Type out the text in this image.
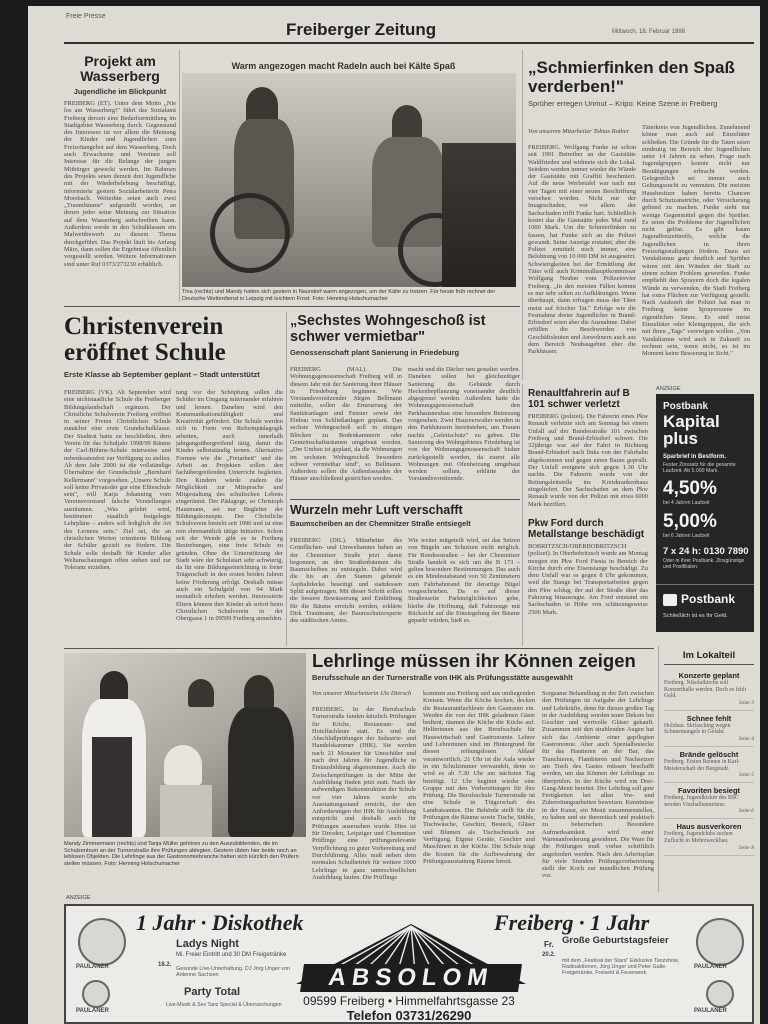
Freie Presse
Freiberger Zeitung	Mittwoch, 18. Februar 1998
Projekt am Wasserberg
Jugendliche im Blickpunkt
FREIBERG (ET). Unter dem Motto „Nie los am Wasserberg!" führt das Sozialamt Freiberg derzeit eine Bedarfsermittlung im Stadtgebiet Wasserberg durch. Gegenstand des Interesses ist vor allem die Meinung der Kinder und Jugendlichen zum Freizeitangebot auf dem Wasserberg. Doch auch Erwachsene und Vereinen soll Interesse für die Belange der jungen Mitbürger geweckt werden. Im Rahmen des Projekts seien derzeit drei Jugendliche mit der Wiederbelebung beschäftigt, informierte gestern Sozialarbeiterin Petra Morsbach. Weiterhin seien auch zwei „Traumbäume" aufgestellt worden, an denen jeder seine Meinung zur Situation auf dem Wasserberg aufschreiben kann. Außerdem werde in den Schulklassen ein Malwettbewerb zu diesem Thema durchgeführt. Das Projekt läuft bis Anfang März, dann sollen die Ergebnisse öffentlich vorgestellt werden. Weitere Informationen sind unter Ruf 0373/273230 erhältlich.
Warm angezogen macht Radeln auch bei Kälte Spaß
Tina (rechts) und Mandy hatten sich gestern in Naundorf warm angezogen, um der Kälte zu trotzen. Für heute früh rechnet der Deutsche Wetterdienst in Leipzig mit leichtem Frost. Foto: Henning Holschumacher
„Schmierfinken den Spaß verderben!"
Sprüher erregen Unmut – Kripo: Keine Szene in Freiberg
Von unserem Mitarbeiter Tobias Rother
FREIBERG. Wolfgang Funke ist schon seit 1991 Betreiber an der Gaststätte Waldfrieden und widmete sich die Lokal. Seitdem werden immer wieder die Wände der Gaststätte mit Graffiti beschmiert. Auf die neue Werbetafel war nach nur vier Tagen mit einer neuen Beschriftung versehen worden. Nicht nur der Imageschaden, vor allem der Sachschaden trifft Funke hart. Schließlich kostet das die Gaststätte jedes Mal rund 1000 Mark. Um die Schmierfinken zu fassen, hat Funke sich an die Polizei gewandt. Seine Anzeige erstattet, aber die Polizei ermittelt noch immer, eine Belohnung von 10 000 DM ist ausgesetzt. Schwierigkeiten bei der Ermittlung der Täter will auch Kriminalhauptkommissar Wolfgang Neuber vom Polizeirevier Freiberg. „In den meisten Fällen kommt es nur sehr selten zu Aufklärungen. Wenn überhaupt, dann erfragen muss der Täter meist auf frischer Tat." Erfolge wie die Festnahme dreier Jugendlicher in Brand-Erbisdorf seien aber die Ausnahme. Dabei erfüllen die Beschwerden von Geschäftsleuten und Anwohnern auch aus dem Bereich Neubaugebiet eher die Parkhäuser.
Täterkreis von Jugendlichen. Zunehmend könne man auch auf Einzeltäter schließen. Die Gründe für die Taten seien eindeutig im Bereich der Jugendlichen unter 14 Jahren zu sehen. Frage nach Jugendgruppen konnte nicht nur Bestätigungen erbracht werden. Gelegentlich sei immer auch Geltungssucht zu vermuten. Die meisten Hausbesitzer haben bereits Chancen durch Schutzanstriche, oder Versicherung geltend zu machen. Funke sieht nur wenige Gegenmittel gegen die Sprüher. Es seien die Probleme der Jugendlichen nicht gelöst. Es gibt kaum Jugendfreizeittreffs, welche die Jugendlichen in ihren Freizeitgestaltungen fördern. Dazu sei Vandalismus ganz deutlich und Sprüher wären mit den Wänden der Stadt zu einem echten Problem geworden. Funke empfiehlt den Sprayern doch die legalen Wände zu verwenden, die Stadt Freiberg hat extra Flächen zur Verfügung gestellt. Nach Auskunft der Polizei hat man in Freiberg keine Sprayerszene im eigentlichen Sinne. Es sind meist Einzeltäter oder Kleingruppen, die sich mit ihren „Tags" verewigen wollen. „Von Vandalismus wird auch in Zukunft zu rechnen sein, wenn nicht, so ist im Moment keine Besserung in Sicht."
Christenverein eröffnet Schule
Erste Klasse ab September geplant – Stadt unterstützt
FREIBERG (VK). Ab September wird eine nichtstaatliche Schule die Freiberger Bildungslandschaft ergänzen. Der Christliche Schulverein Freiberg eröffnet in seiner Freien Christlichen Schule zunächst eine erste Grundschulklasse. Der Stadtrat hatte zu beschließen, dem Verein für das Schuljahr 1998/99 Räume der Carl-Böhme-Schule mietweise und nebenkostenfrei zur Verfügung zu stellen. Ab dem Jahr 2000 ist die vollständige Übernahme der Grundschule „Bernhard Kellermann" vorgesehen. „Unsere Schule soll keine Privatoder gar eine Eliteschule sein", will Katja Johanning vom Vereinsvorstand falsche Vorstellungen ausräumen. „Was gelehrt wird, bestimmen staatlich festgelegte Lehrpläne – anders soll lediglich die Art des Lernens sein." Ziel sei, die an christlichen Werten orientierte Bildung der Schüler gezielt zu fördern. Die Schule solle deshalb für Kinder aller Weltanschauungen offen stehen und zur Toleranz erziehen.
tung vor der Schöpfung sollen die Schüler im Umgang miteinander erfahren und lernen. Daneben wird den Kommunikationsfähigkeit und Kreativität gefördert. Die Schule werden sich in Form von Reformpädagogik arbeiten, auch innerhalb jahrgangsübergreifend tätig, damit die Kinder selbstständig lernen. Alternative Formen wie die „Freiarbeit" und die Arbeit an Projekten sollen den fachübergreifenden Unterricht begleiten. Den Kindern würde zudem die Möglichkeit zur Mitsprache und Mitgestaltung des schulischen Lebens eingeräumt. Der Pädagoge, so Christoph Hausmann, sei nur Begleiter der Bildungskonzepte. Der Christliche Schulverein besteht seit 1996 und ist eine rein ehrenamtlich tätige Initiative. Schon seit der Wende gibt es in Freiberg Bestrebungen, eine freie Schule zu gründen. Ohne die Unterstützung der Stadt wäre der Schulstart sehr schwierig, da für eine Bildungseinrichtung in freier Trägerschaft in den ersten beiden Jahren keine Förderung erfolgt. Deshalb müsse auch ein Schulgeld von 94 Mark monatlich erhoben werden. Interessierte Eltern können ihre Kinder ab sofort beim Christlichen Schulverein in der Obergasse 1 in 09599 Freiberg anmelden.
„Sechstes Wohngeschoß ist schwer vermietbar"
Genossenschaft plant Sanierung in Friedeburg
FREIBERG (MAL). Die Wohnungsgenossenschaft Freiberg will in diesem Jahr mit der Sanierung ihrer Häuser in Friedeburg beginnen. Wie Vorstandsvorsitzender Jürgen Bellmann mitteilte, sollen die Erneuerung der Sanitäranlagen und Fenster sowie der Einbau von Schließanlagen geplant. Das sechste Wohngeschoß soll in einigen Blöcken zu Bodenkammern oder Gemeinschaftsräumen umgebaut werden. „Der Umbau ist geplant, da die Wohnungen im sechsten Wohngeschoß besonders schwer vermietbar sind", so Bellmann. Außerdem sollen die Außenfassaden der Häuser anschließend gestrichen werden.
macht und die Dächer neu gestaltet werden. Daneben sollen bei gleichzeitiger Sanierung die Gebäude durch Heckenbepflanzung voneinander deutlich abgegrenzt werden. Außerdem hatte die Wohnungsgenossenschaft den Parkhausneubau eine besondere Betreuung vorgesehen. Zwei Hausverwalter werden in den Parkhäusern bereitstehen, um Frauen nachts „Geleitschutz" zu geben. Die Sanierung des Wohngebietes Friedeburg ist von der Wohnungsgenossenschaft bisher zurückgestellt worden, da zuerst alle Wohnungen mit Ofenheizung umgebaut werden sollten, erklärte der Vorstandsvorsitzende.
Wurzeln mehr Luft verschafft
Baumscheiben an der Chemnitzer Straße entsiegelt
FREIBERG (DIL). Mitarbeiter des Grünflächen- und Umweltamtes haben an der Chemnitzer Straße jetzt damit begonnen, an den Straßenbäumen die Baumscheiben zu entsiegeln. Dabei wird die bis an den Stamm gehende Asphaltdecke beseitigt und stattdessen Splitt aufgetragen. Mit dieser Schritt sollen die bessere Bewässerung und Entlüftung für die Bäume erreicht werden, erklärte Dirk Trautmann, der Baumschutzexperte des städtischen Amtes.
Wie weiter mitgeteilt wird, sei das Setzen von Bügeln um Schutzen nicht möglich. Für Bundesstraßen – bei der Chemnitzer Straße handelt es sich um die B 173 – gelten besondere Bestimmungen. Das auch es ein Mindestabstand von 50 Zentimetern zum Fahrbahnrand für derartige Bügel vorgeschrieben. Da es auf dieser Straßenseite Parkmöglichkeiten gebe, bleibe die Hoffnung, daß Fahrzeuge mit Rücksicht auf die Entsiegelung der Bäume geparkt würden, hieß es.
Renaultfahrerin auf B 101 schwer verletzt
FREIBERG (polizei). Die Fahrerin eines Pkw Renault verletzte sich am Sonntag bei einem Unfall auf der Bundesstraße 101 zwischen Freiberg und Brand-Erbisdorf schwer. Die 32jährige war auf der Fahrt in Richtung Brand-Erbisdorf nach links von der Fahrbahn abgekommen und gegen einen Baum geprallt. Der Unfall ereignete sich gegen 1.30 Uhr nachts. Die Fahrerin wurde von der Rettungsleitstelle ins Kreiskrankenhaus eingeliefert. Der Sachschaden an dem Pkw Renault wurde von der Polizei mit etwa 6000 Mark beziffert.
Pkw Ford durch Metallstange beschädigt
BOBRITZSCH/OBERBOBRITZSCH (polizei). In Oberbobritzsch wurde am Montag morgen ein Pkw Ford Fiesta in Bereich der Kirche durch eine Eisenstange beschädigt. Zu dem Unfall war es gegen 8 Uhr gekommen, weil die Stange bei Transportarbeiten gegen den Pkw schlug, der auf der Straße über das Fahrzeug hinausragte. Am Ford entstand ein Sachschaden in Höhe von schätzungsweise 2500 Mark.
ANZEIGE
Postbank
Kapital plus
Sparbrief in Bestform.
Fester Zinssatz für die gesamte Laufzeit. Ab 5.000 Mark.
4,50%
bei 4 Jahren Laufzeit
5,00%
bei 6 Jahren Laufzeit
7 x 24 h: 0130 7890
Oder in Ihrer Postbank. Zinsgünstige und Postfilialen.
Postbank
Schließlich ist es Ihr Geld.
Mandy Zimmermann (rechts) und Tanja Müller gehören zu den Auszubildenden, die im Schulzentrum an der Turnerstraße ihre Prüfungen ablegten. Gestern übten hier beide noch an leblosen Objekten. Die Lehrlinge aus der Gastronomiebranche hatten sich kürzlich den Prüfern stellen müssen. Foto: Henning Holschumacher
Lehrlinge müssen ihr Können zeigen
Berufsschule an der Turnerstraße von IHK als Prüfungsstätte ausgewählt
Von unserer Mitarbeiterin Ute Diersch
FREIBERG. In der Berufsschule Turnerstraße fanden kürzlich Prüfungen für Köche, Restaurant- und Hotelfachleute statt. Es sind die Abschlußprüfungen der Industrie- und Handelskammer (IHK). Sie werden nach 21 Monaten für Umschüler und nach drei Jahren für Jugendliche in Erstausbildung abgenommen. Auch die Zwischenprüfungen in der Mitte der Ausbildung finden jetzt statt. Nach der aufwendigen Rekonstruktion der Schule vor vier Jahren wurde ein Ausstattungsstand erreicht, der den Anforderungen der IHK für Ausbildung entspricht und deshalb auch für Prüfungen ausersehen wurde. Dies ist für Dresden, Leipziger und Chemnitzer Prüflinge eine prüfungsrelevante Verpflichtung zu guter Vorbereitung und Durchführung. Alles muß neben dem normalen Schulbetrieb für weitere 1000 Lehrlinge in ganz unterschiedlichen Ausbildung laufen. Die Prüflinge
kommen aus Freiberg und aus umliegenden Kreisen. Wenn die Köche kochen, decken die Restaurantfachleute den Gastraum ein. Werden die von der IHK geladenen Gäste bedient, räumen die Köche die Küche auf. Helferinnen aus der Berufsschule für Hauswirtschaft und Gastronomie. Lehrer und Lehrerinnen sind im Hintergrund für diesen reibungslosen Ablauf verantwortlich. 21 Uhr ist die Aula wieder in ein Schulzimmer verwandelt, denn so wird es ab 7.30 Uhr am nächsten Tag benötigt. 12 Uhr beginnt wieder eine Gruppe mit den Vorbereitungen für ihre Prüfung. Die Berufsschule Turnerstraße ist eine Schule in Trägerschaft des Landratsamtes. Die Behörde stellt für die Prüfungen die Räume sowie Tische, Stühle, Tischwäsche, Geschirr, Besteck, Gläser und Blumen als Tischschmuck zur Verfügung. Eigene Geräte, Geschirr und Maschinen in der Küche. Die Schule trägt die Kosten für die Aufbewahrung der Prüfungsausstattung Räume bereit.
Sorgsame Behandlung in der Zeit zwischen den Prüfungen ist Aufgabe der Lehrlinge und Lehrkräfte, denn für diesen großen Tag in der Ausbildung wurden teure Dekors bei Geschirr und wertvolle Gläser gekauft. Zusammen mit den strahlenden Augen hat sich das Ambiente einer gepflegten Gastronomie. Aber auch Spezialbestecke für das Hantieren an der Bar, das Tranchieren, Flambieren und Nachsetzen am Tisch des Gastes müssen beschafft werden, um das Können der Lehrlinge zu überprüfen. In der Küche wird ein Drei-Gang-Menü bereitet. Der Lehrling soll gute Fertigkeiten bei allen Vor- und Zubereitungsarbeiten beweisen. Kenntnisse in der Kunst, ein Menü zusammenstellen, zu haben und sie theoretisch und praktisch zu beherrschen. Besondere Aufmerksamkeit wird einer Warenanforderung gewidmet. Die Ware für die Prüfungen muß vorher schriftlich angefordert werden. Nach den Arbeitsplan für viele Stunden Prüfungsvorbereitung stellt der Koch zur mundlichen Prüfung vor.
Im Lokalteil
Konzerte geplant
Freiberg. Nikolaikirche soll Konzerthalle werden. Doch es fehlt Geld.
Seite 3
Schnee fehlt
Holzhau. Skifasching wegen Schneemangels in Gefahr.
Seite 4
Brände gelöscht
Freiberg. Ersten Rennen in Karl-Meisterschaft der Bergstadt.
Seite 5
Favoriten besiegt
Freiberg. Jugendkicker des BSC werden Vizehallenmeister.
Seite 6
Haus ausverkoren
Freiberg. Jugendclubs suchen Zuflucht in Mehrzweckbau.
Seite 8
ANZEIGE
1 Jahr · Diskothek	Freiberg · 1 Jahr
ABSOLOM
Ladys Night
Mi. Freier Eintritt und 30 DM Freigetränke
18.2.
Gesunde Live-Unterhaltung, DJ Jörg Unger von Antenne Sachsen
Party Total
Live-Musik & Sex Tanz Special & Überraschungen
Fr.
20.2.
Große Geburtstagsfeier
mit dem „Festival der Stars" Exklusive Tanzshow, Radioaktionen, Jörg Unger und Peter Galle, Freigetränke, Freisekt & Feuerwerk
09599 Freiberg • Himmelfahrtsgasse 23
Telefon 03731/26290
PAULANER
PAULANER
PAULANER
PAULANER
